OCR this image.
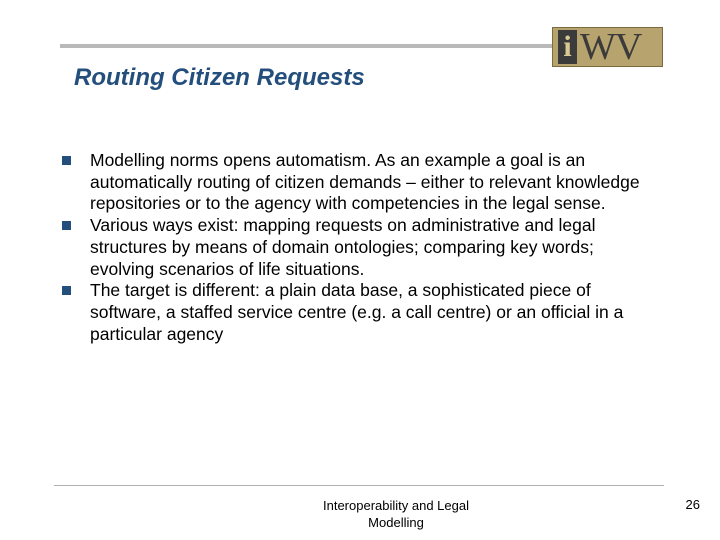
i WV
Routing Citizen Requests
Modelling norms opens automatism. As an example a goal is an automatically routing of citizen demands – either to relevant knowledge repositories or to the agency with competencies in the legal sense.
Various ways exist: mapping requests on administrative and legal structures by means of domain ontologies; comparing key words; evolving scenarios of life situations.
The target is different: a plain data base, a sophisticated piece of software, a staffed service centre (e.g. a call centre) or an official in a particular agency
Interoperability and Legal
Modelling
26
